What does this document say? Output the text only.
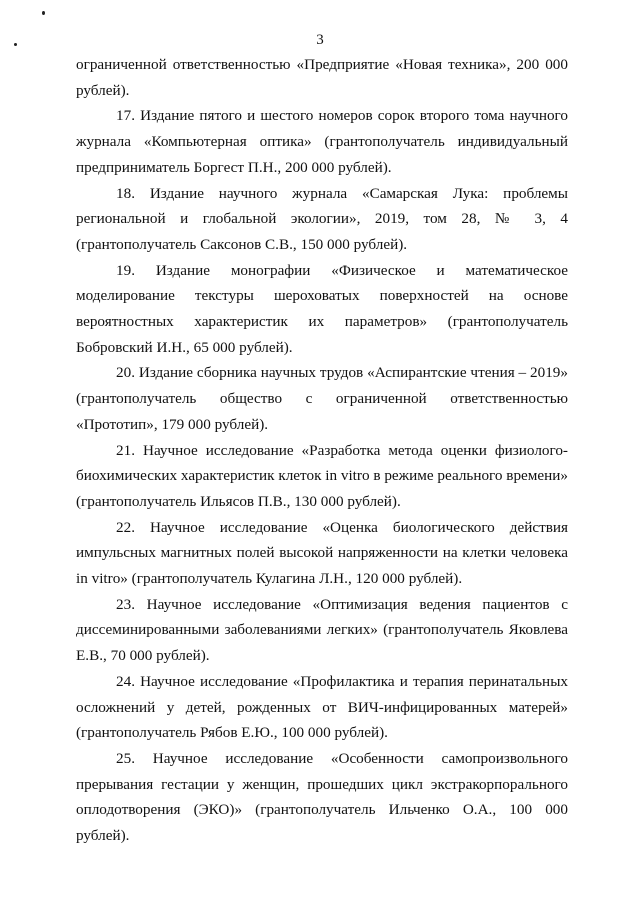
3

ограниченной ответственностью «Предприятие «Новая техника», 200 000 рублей).

17. Издание пятого и шестого номеров сорок второго тома научного журнала «Компьютерная оптика» (грантополучатель индивидуальный предприниматель Боргест П.Н., 200 000 рублей).

18. Издание научного журнала «Самарская Лука: проблемы региональной и глобальной экологии», 2019, том 28, № 3, 4 (грантополучатель Саксонов С.В., 150 000 рублей).

19. Издание монографии «Физическое и математическое моделирование текстуры шероховатых поверхностей на основе вероятностных характеристик их параметров» (грантополучатель Бобровский И.Н., 65 000 рублей).

20. Издание сборника научных трудов «Аспирантские чтения – 2019» (грантополучатель общество с ограниченной ответственностью «Прототип», 179 000 рублей).

21. Научное исследование «Разработка метода оценки физиолого-биохимических характеристик клеток in vitro в режиме реального времени» (грантополучатель Ильясов П.В., 130 000 рублей).

22. Научное исследование «Оценка биологического действия импульсных магнитных полей высокой напряженности на клетки человека in vitro» (грантополучатель Кулагина Л.Н., 120 000 рублей).

23. Научное исследование «Оптимизация ведения пациентов с диссеминированными заболеваниями легких» (грантополучатель Яковлева Е.В., 70 000 рублей).

24. Научное исследование «Профилактика и терапия перинатальных осложнений у детей, рожденных от ВИЧ-инфицированных матерей» (грантополучатель Рябов Е.Ю., 100 000 рублей).

25. Научное исследование «Особенности самопроизвольного прерывания гестации у женщин, прошедших цикл экстракорпорального оплодотворения (ЭКО)» (грантополучатель Ильченко О.А., 100 000 рублей).
